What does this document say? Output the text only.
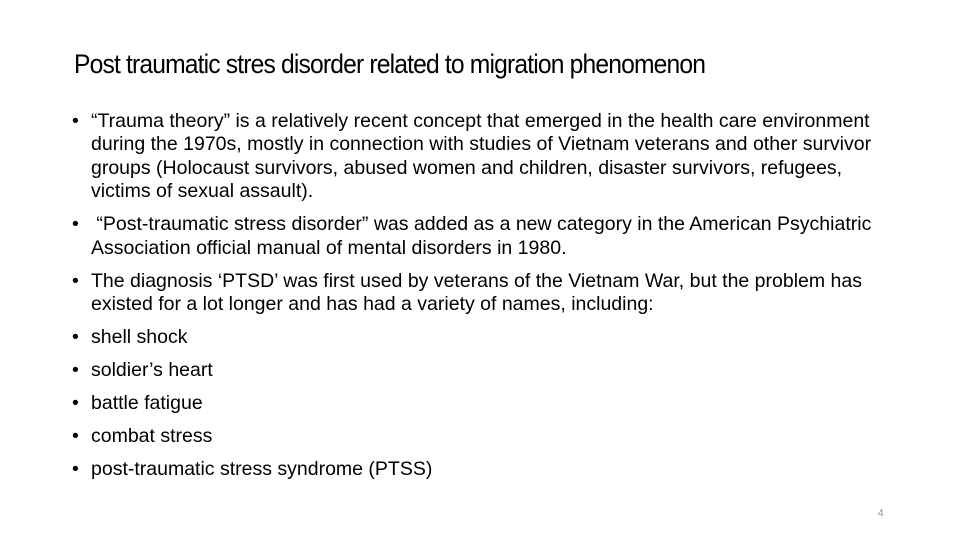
Post traumatic stres disorder related to migration phenomenon
• “Trauma theory” is a relatively recent concept that emerged in the health care environment during the 1970s, mostly in connection with studies of Vietnam veterans and other survivor groups (Holocaust survivors, abused women and children, disaster survivors, refugees, victims of sexual assault).
• “Post-traumatic stress disorder” was added as a new category in the American Psychiatric Association official manual of mental disorders in 1980.
• The diagnosis ‘PTSD’ was first used by veterans of the Vietnam War, but the problem has existed for a lot longer and has had a variety of names, including:
• shell shock
• soldier’s heart
• battle fatigue
• combat stress
• post-traumatic stress syndrome (PTSS)
4
